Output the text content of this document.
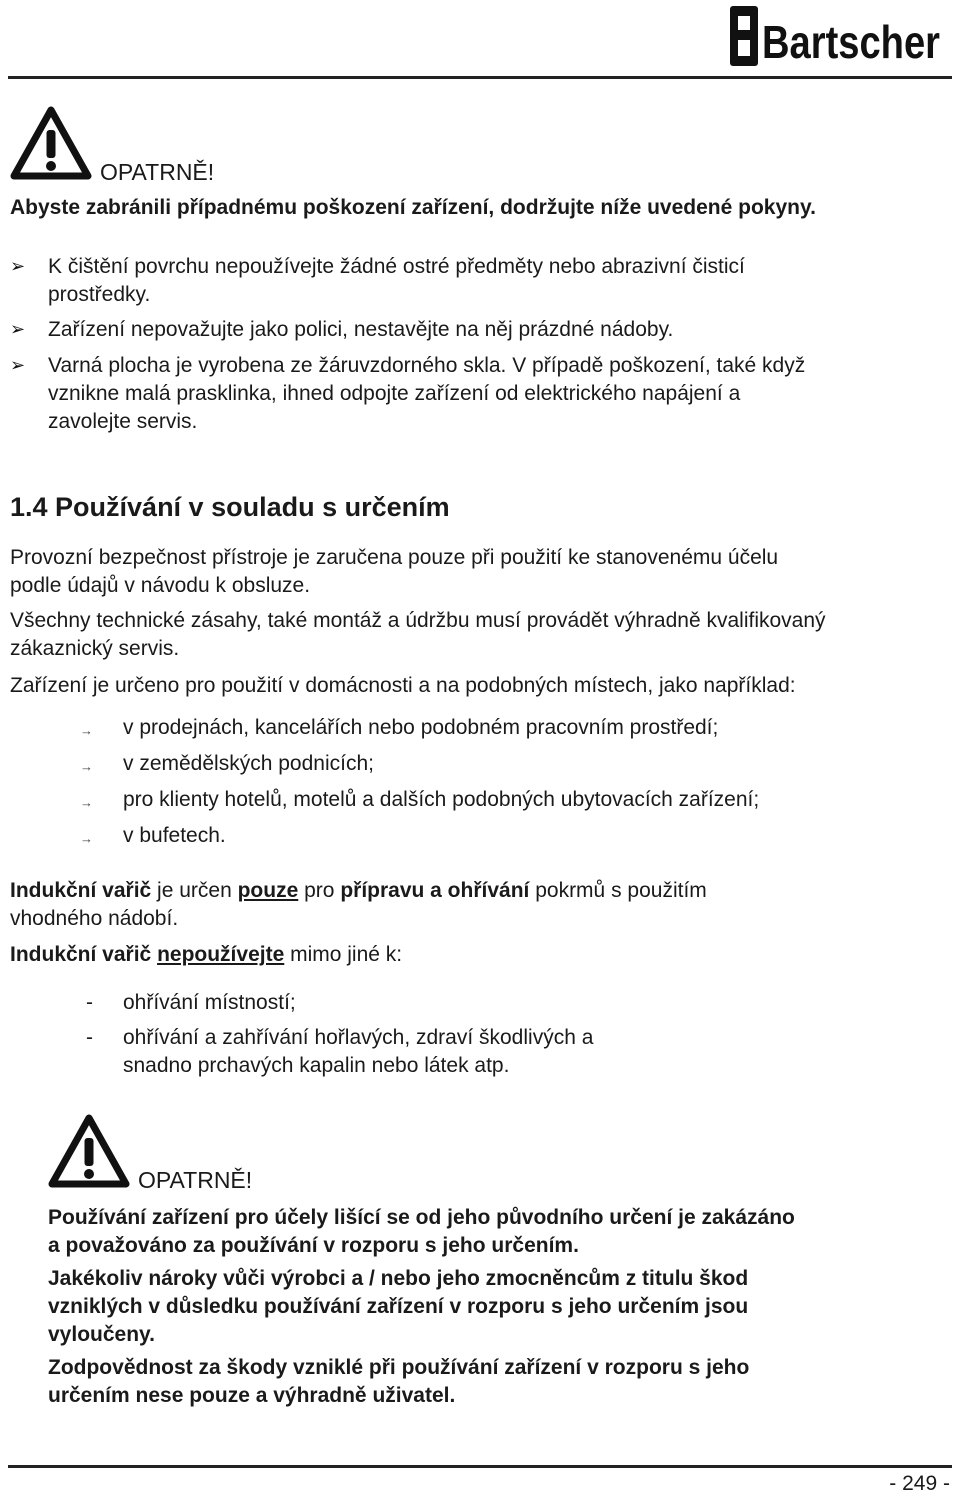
Bartscher

OPATRNĚ!

Abyste zabránili případnému poškození zařízení, dodržujte níže uvedené pokyny.

➢ K čištění povrchu nepoužívejte žádné ostré předměty nebo abrazivní čisticí

prostředky.

➢ Zařízení nepovažujte jako polici, nestavějte na něj prázdné nádoby.

➢ Varná plocha je vyrobena ze žáruvzdorného skla. V případě poškození, také když

vznikne malá prasklinka, ihned odpojte zařízení od elektrického napájení a

zavolejte servis.

1.4 Používání v souladu s určením

Provozní bezpečnost přístroje je zaručena pouze při použití ke stanovenému účelu

podle údajů v návodu k obsluze.

Všechny technické zásahy, také montáž a údržbu musí provádět výhradně kvalifikovaný

zákaznický servis.

Zařízení je určeno pro použití v domácnosti a na podobných místech, jako například:

→ v prodejnách, kancelářích nebo podobném pracovním prostředí;

→ v zemědělských podnicích;

→ pro klienty hotelů, motelů a dalších podobných ubytovacích zařízení;

→ v bufetech.

Indukční vařič je určen pouze pro přípravu a ohřívání pokrmů s použitím

vhodného nádobí.

Indukční vařič nepoužívejte mimo jiné k:

- ohřívání místností;

- ohřívání a zahřívání hořlavých, zdraví škodlivých a

snadno prchavých kapalin nebo látek atp.

OPATRNĚ!

Používání zařízení pro účely lišící se od jeho původního určení je zakázáno

a považováno za používání v rozporu s jeho určením.

Jakékoliv nároky vůči výrobci a / nebo jeho zmocněncům z titulu škod

vzniklých v důsledku používání zařízení v rozporu s jeho určením jsou

vyloučeny.

Zodpovědnost za škody vzniklé při používání zařízení v rozporu s jeho

určením nese pouze a výhradně uživatel.

- 249 -
